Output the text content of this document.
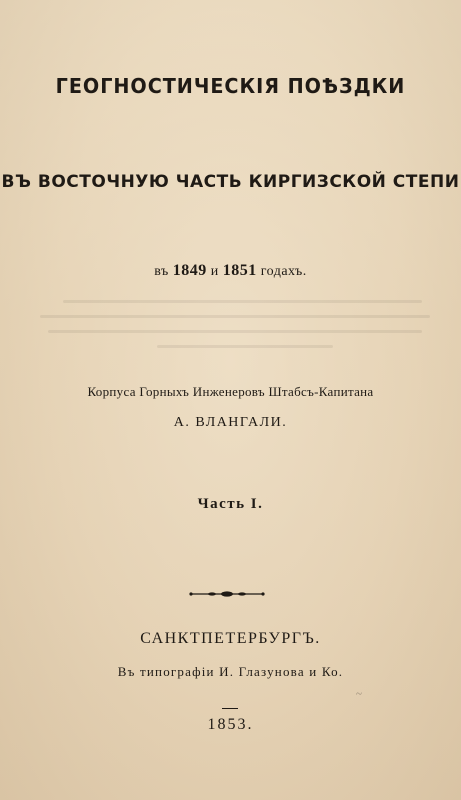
ГЕОГНОСТИЧЕСКІЯ ПОѢЗДКИ
ВЪ ВОСТОЧНУЮ ЧАСТЬ КИРГИЗСКОЙ СТЕПИ
въ 1849 и 1851 годахъ.
Корпуса Горныхъ Инженеровъ Штабсъ-Капитана
А. ВЛАНГАЛИ.
Часть I.
САНКТПЕТЕРБУРГЪ.
Въ типографіи И. Глазунова и Ко.
~
1853.
